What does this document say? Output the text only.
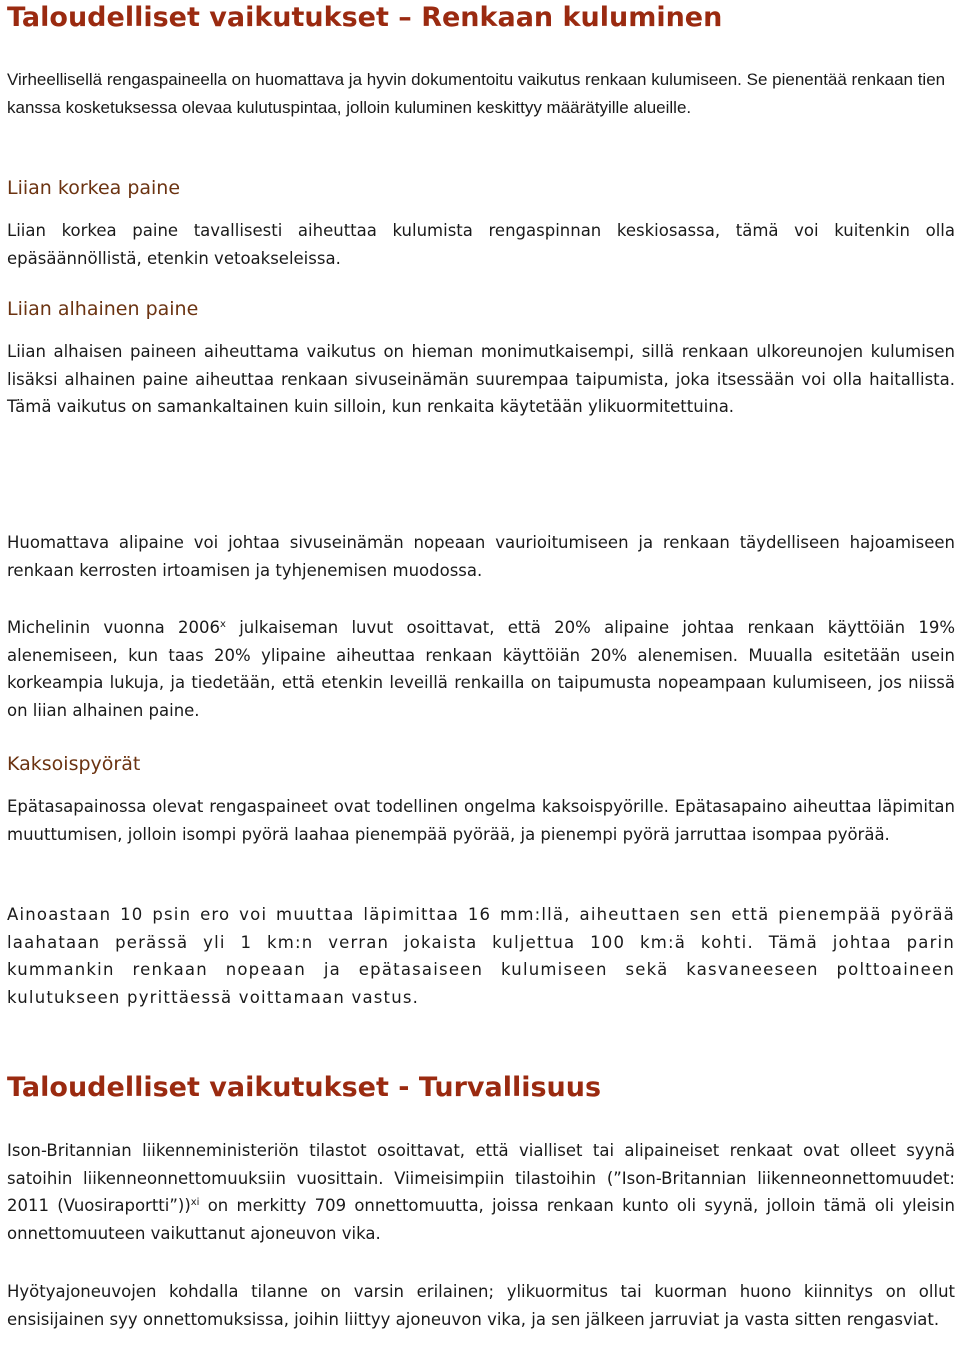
Taloudelliset vaikutukset – Renkaan kuluminen

Virheellisellä rengaspaineella on huomattava ja hyvin dokumentoitu vaikutus renkaan kulumiseen. Se pienentää renkaan tien kanssa kosketuksessa olevaa kulutuspintaa, jolloin kuluminen keskittyy määrätyille alueille.

Liian korkea paine

Liian korkea paine tavallisesti aiheuttaa kulumista rengaspinnan keskiosassa, tämä voi kuitenkin olla epäsäännöllistä, etenkin vetoakseleissa.

Liian alhainen paine

Liian alhaisen paineen aiheuttama vaikutus on hieman monimutkaisempi, sillä renkaan ulkoreunojen kulumisen lisäksi alhainen paine aiheuttaa renkaan sivuseinämän suurempaa taipumista, joka itsessään voi olla haitallista. Tämä vaikutus on samankaltainen kuin silloin, kun renkaita käytetään ylikuormitettuina.

Huomattava alipaine voi johtaa sivuseinämän nopeaan vaurioitumiseen ja renkaan täydelliseen hajoamiseen renkaan kerrosten irtoamisen ja tyhjenemisen muodossa.

Michelinin vuonna 2006$^x$ julkaiseman luvut osoittavat, että 20% alipaine johtaa renkaan käyttöiän 19% alenemiseen, kun taas 20% ylipaine aiheuttaa renkaan käyttöiän 20% alenemisen. Muualla esitetään usein korkeampia lukuja, ja tiedetään, että etenkin leveillä renkailla on taipumusta nopeampaan kulumiseen, jos niissä on liian alhainen paine.

Kaksoispyörät

Epätasapainossa olevat rengaspaineet ovat todellinen ongelma kaksoispyörille. Epätasapaino aiheuttaa läpimitan muuttumisen, jolloin isompi pyörä laahaa pienempää pyörää, ja pienempi pyörä jarruttaa isompaa pyörää.

Ainoastaan 10 psin ero voi muuttaa läpimittaa 16 mm:llä, aiheuttaen sen että pienempää pyörää laahataan perässä yli 1 km:n verran jokaista kuljettua 100 km:ä kohti. Tämä johtaa parin kummankin renkaan nopeaan ja epätasaiseen kulumiseen sekä kasvaneeseen polttoaineen kulutukseen pyrittäessä voittamaan vastus.

Taloudelliset vaikutukset - Turvallisuus

Ison-Britannian liikenneministeriön tilastot osoittavat, että vialliset tai alipaineiset renkaat ovat olleet syynä satoihin liikenneonnettomuuksiin vuosittain. Viimeisimpiin tilastoihin (”Ison-Britannian liikenneonnettomuudet: 2011 (Vuosiraportti”))$^{xi}$ on merkitty 709 onnettomuutta, joissa renkaan kunto oli syynä, jolloin tämä oli yleisin onnettomuuteen vaikuttanut ajoneuvon vika.

Hyötyajoneuvojen kohdalla tilanne on varsin erilainen; ylikuormitus tai kuorman huono kiinnitys on ollut ensisijainen syy onnettomuksissa, joihin liittyy ajoneuvon vika, ja sen jälkeen jarruviat ja vasta sitten rengasviat.
